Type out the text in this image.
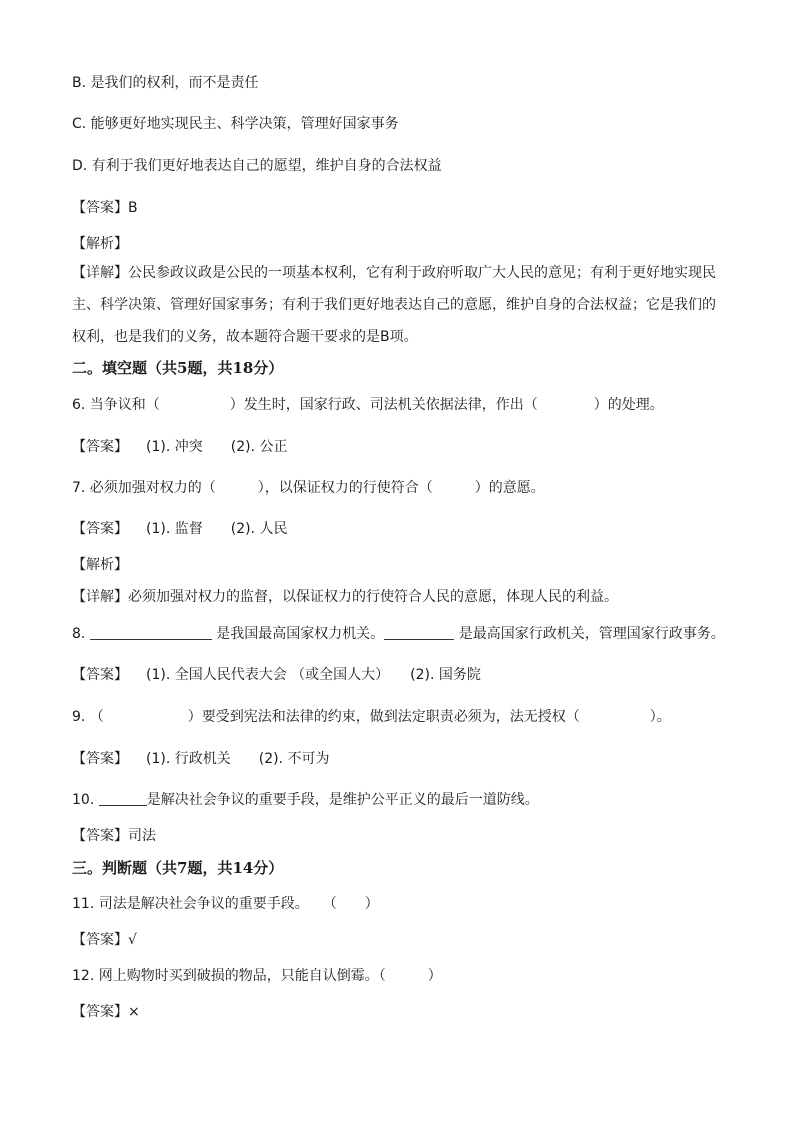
B. 是我们的权利，而不是责任
C. 能够更好地实现民主、科学决策，管理好国家事务
D. 有利于我们更好地表达自己的愿望，维护自身的合法权益
【答案】B
【解析】
【详解】公民参政议政是公民的一项基本权利，它有利于政府听取广大人民的意见；有利于更好地实现民主、科学决策、管理好国家事务；有利于我们更好地表达自己的意愿，维护自身的合法权益；它是我们的权利，也是我们的义务，故本题符合题干要求的是B项。
二。填空题（共5题，共18分）
6. 当争议和（　　　　　）发生时，国家行政、司法机关依据法律，作出（　　　　）的处理。
【答案】 (1). 冲突　　(2). 公正
7. 必须加强对权力的（　　　），以保证权力的行使符合（　　　）的意愿。
【答案】 (1). 监督　　(2). 人民
【解析】
【详解】必须加强对权力的监督，以保证权力的行使符合人民的意愿，体现人民的利益。
8.	是我国最高国家权力机关。	是最高国家行政机关，管理国家行政事务。
【答案】 (1). 全国人民代表大会 （或全国人大）　　(2). 国务院
9. （　　　　　　）要受到宪法和法律的约束，做到法定职责必须为，法无授权（　　　　　）。
【答案】 (1). 行政机关　　(2). 不可为
10.	是解决社会争议的重要手段，是维护公平正义的最后一道防线。
【答案】司法
三。判断题（共7题，共14分）
11. 司法是解决社会争议的重要手段。　　（　　）
【答案】√
12. 网上购物时买到破损的物品，只能自认倒霉。（　　　）
【答案】×
